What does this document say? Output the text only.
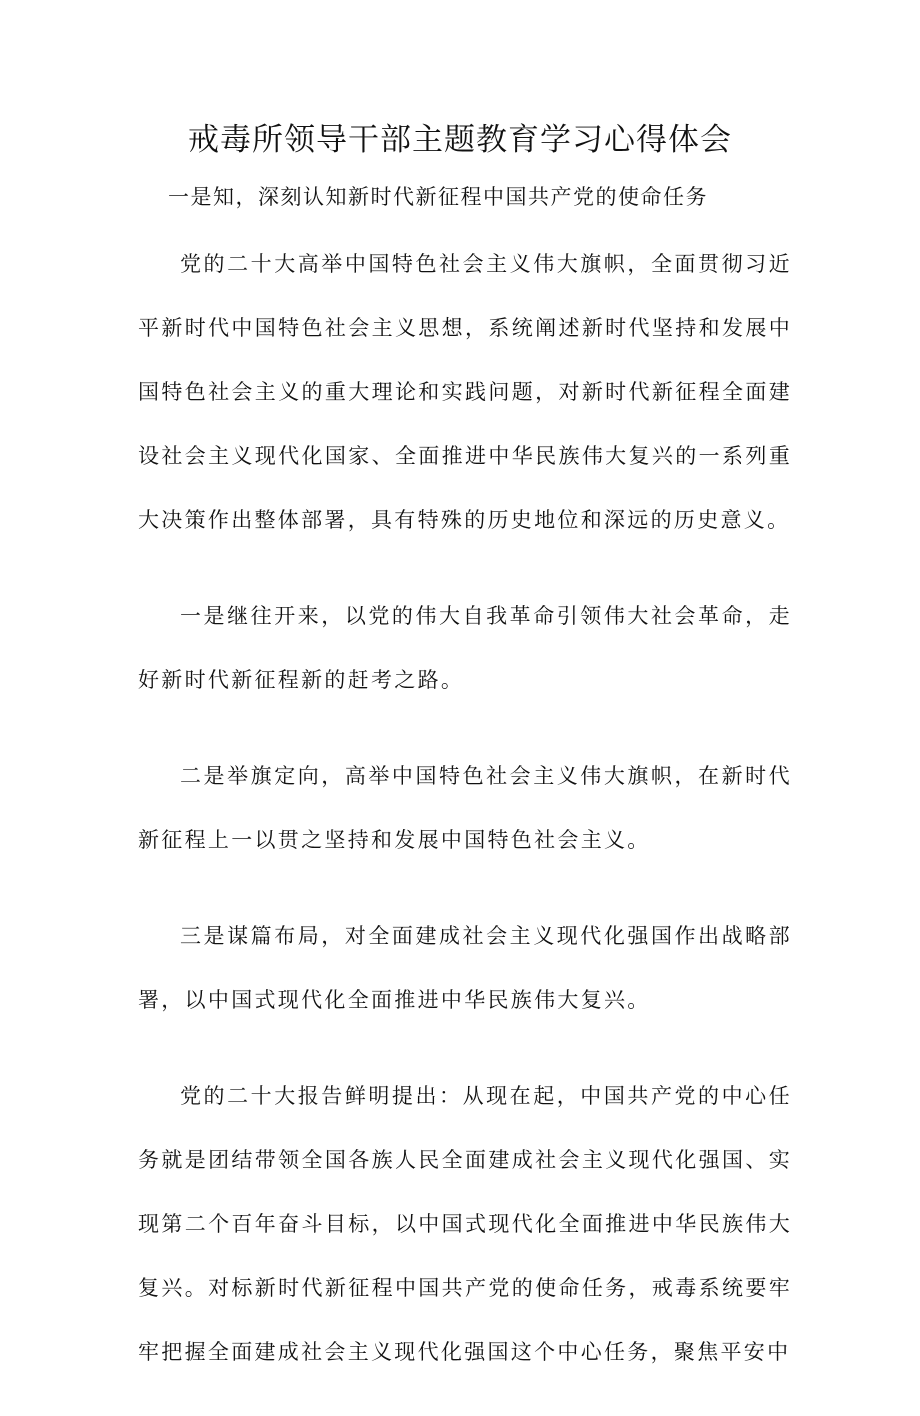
戒毒所领导干部主题教育学习心得体会

一是知，深刻认知新时代新征程中国共产党的使命任务

党的二十大高举中国特色社会主义伟大旗帜，全面贯彻习近平新时代中国特色社会主义思想，系统阐述新时代坚持和发展中国特色社会主义的重大理论和实践问题，对新时代新征程全面建设社会主义现代化国家、全面推进中华民族伟大复兴的一系列重大决策作出整体部署，具有特殊的历史地位和深远的历史意义。

一是继往开来，以党的伟大自我革命引领伟大社会革命，走好新时代新征程新的赶考之路。

二是举旗定向，高举中国特色社会主义伟大旗帜，在新时代新征程上一以贯之坚持和发展中国特色社会主义。

三是谋篇布局，对全面建成社会主义现代化强国作出战略部署，以中国式现代化全面推进中华民族伟大复兴。

党的二十大报告鲜明提出：从现在起，中国共产党的中心任务就是团结带领全国各族人民全面建成社会主义现代化强国、实现第二个百年奋斗目标，以中国式现代化全面推进中华民族伟大复兴。对标新时代新征程中国共产党的使命任务，戒毒系统要牢牢把握全面建成社会主义现代化强国这个中心任务，聚焦平安中
